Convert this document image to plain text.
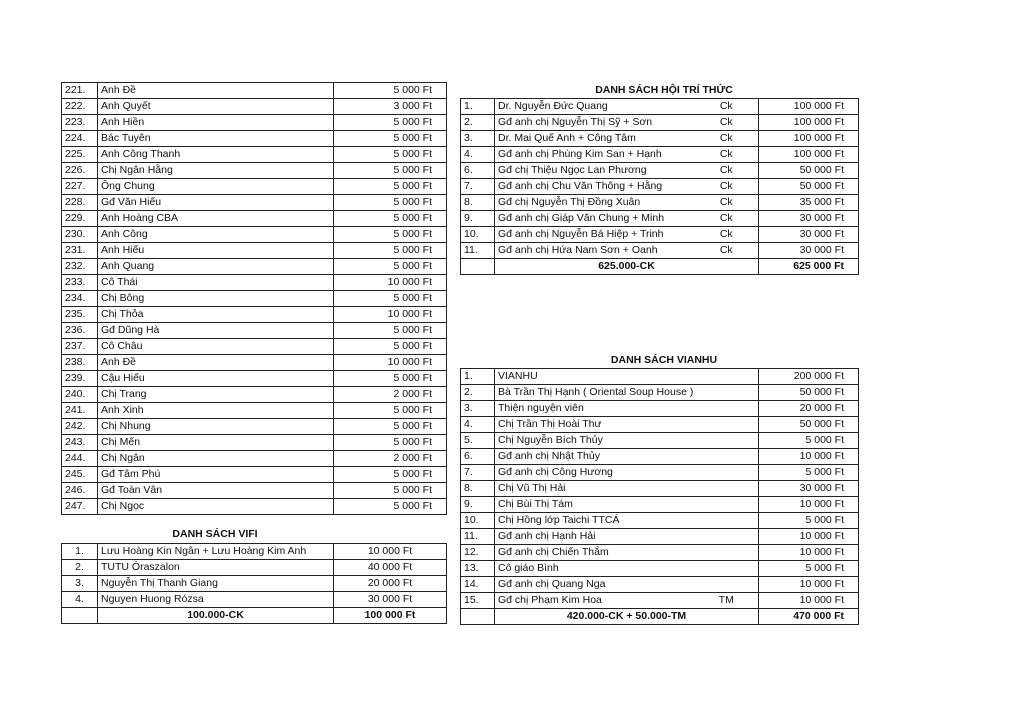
221.	Anh Đề	5 000 Ft
222.	Anh Quyết	3 000 Ft
223.	Anh Hiền	5 000 Ft
224.	Bác Tuyên	5 000 Ft
225.	Anh Công Thanh	5 000 Ft
226.	Chị Ngân Hằng	5 000 Ft
227.	Ông Chung	5 000 Ft
228.	Gđ Văn Hiếu	5 000 Ft
229.	Anh Hoàng CBA	5 000 Ft
230.	Anh Công	5 000 Ft
231.	Anh Hiếu	5 000 Ft
232.	Anh Quang	5 000 Ft
233.	Cô Thái	10 000 Ft
234.	Chị Bông	5 000 Ft
235.	Chị Thỏa	10 000 Ft
236.	Gđ Dũng Hà	5 000 Ft
237.	Cô Châu	5 000 Ft
238.	Anh Đề	10 000 Ft
239.	Cậu Hiếu	5 000 Ft
240.	Chị Trang	2 000 Ft
241.	Anh Xinh	5 000 Ft
242.	Chị Nhung	5 000 Ft
243.	Chị Mến	5 000 Ft
244.	Chị Ngân	2 000 Ft
245.	Gđ Tâm Phú	5 000 Ft
246.	Gđ Toàn Vân	5 000 Ft
247.	Chị Ngọc	5 000 Ft
DANH SÁCH VIFI
1.	Lưu Hoàng Kin Ngân + Lưu Hoàng Kim Anh	10 000 Ft
2.	TUTU Óraszalon	40 000 Ft
3.	Nguyễn Thị Thanh Giang	20 000 Ft
4.	Nguyen Huong Rózsa	30 000 Ft
	100.000-CK	100 000 Ft
DANH SÁCH HỘI TRÍ THỨC
1.	Dr. Nguyễn Đức Quang	Ck	100 000 Ft
2.	Gđ anh chị Nguyễn Thị Sỹ + Sơn	Ck	100 000 Ft
3.	Dr. Mai Quế Anh + Công Tâm	Ck	100 000 Ft
4.	Gđ anh chị Phùng Kim San + Hạnh	Ck	100 000 Ft
6.	Gđ chị Thiệu Ngọc Lan Phương	Ck	50 000 Ft
7.	Gđ anh chị Chu Văn Thông + Hằng	Ck	50 000 Ft
8.	Gđ chị Nguyễn Thị Đồng Xuân	Ck	35 000 Ft
9.	Gđ anh chị Giáp Văn Chung + Minh	Ck	30 000 Ft
10.	Gđ anh chị Nguyễn Bá Hiệp + Trinh	Ck	30 000 Ft
11.	Gđ anh chị Hứa Nam Sơn + Oanh	Ck	30 000 Ft
	625.000-CK		625 000 Ft
DANH SÁCH VIANHU
1.	VIANHU		200 000 Ft
2.	Bà Trần Thị Hạnh ( Oriental Soup House )		50 000 Ft
3.	Thiện nguyện viên		20 000 Ft
4.	Chị Trần Thị Hoài Thư		50 000 Ft
5.	Chị Nguyễn Bích Thủy		5 000 Ft
6.	Gđ anh chị Nhật Thủy		10 000 Ft
7.	Gđ anh chị Công Hương		5 000 Ft
8.	Chị Vũ Thị Hải		30 000 Ft
9.	Chị Bùi Thị Tám		10 000 Ft
10.	Chị Hồng lớp Taichi TTCÁ		5 000 Ft
11.	Gđ anh chị Hạnh Hải		10 000 Ft
12.	Gđ anh chị Chiến Thắm		10 000 Ft
13.	Cô giáo Bình		5 000 Ft
14.	Gđ anh chị Quang Nga		10 000 Ft
15.	Gđ chị Phạm Kim Hoa	TM	10 000 Ft
	420.000-CK + 50.000-TM		470 000 Ft
